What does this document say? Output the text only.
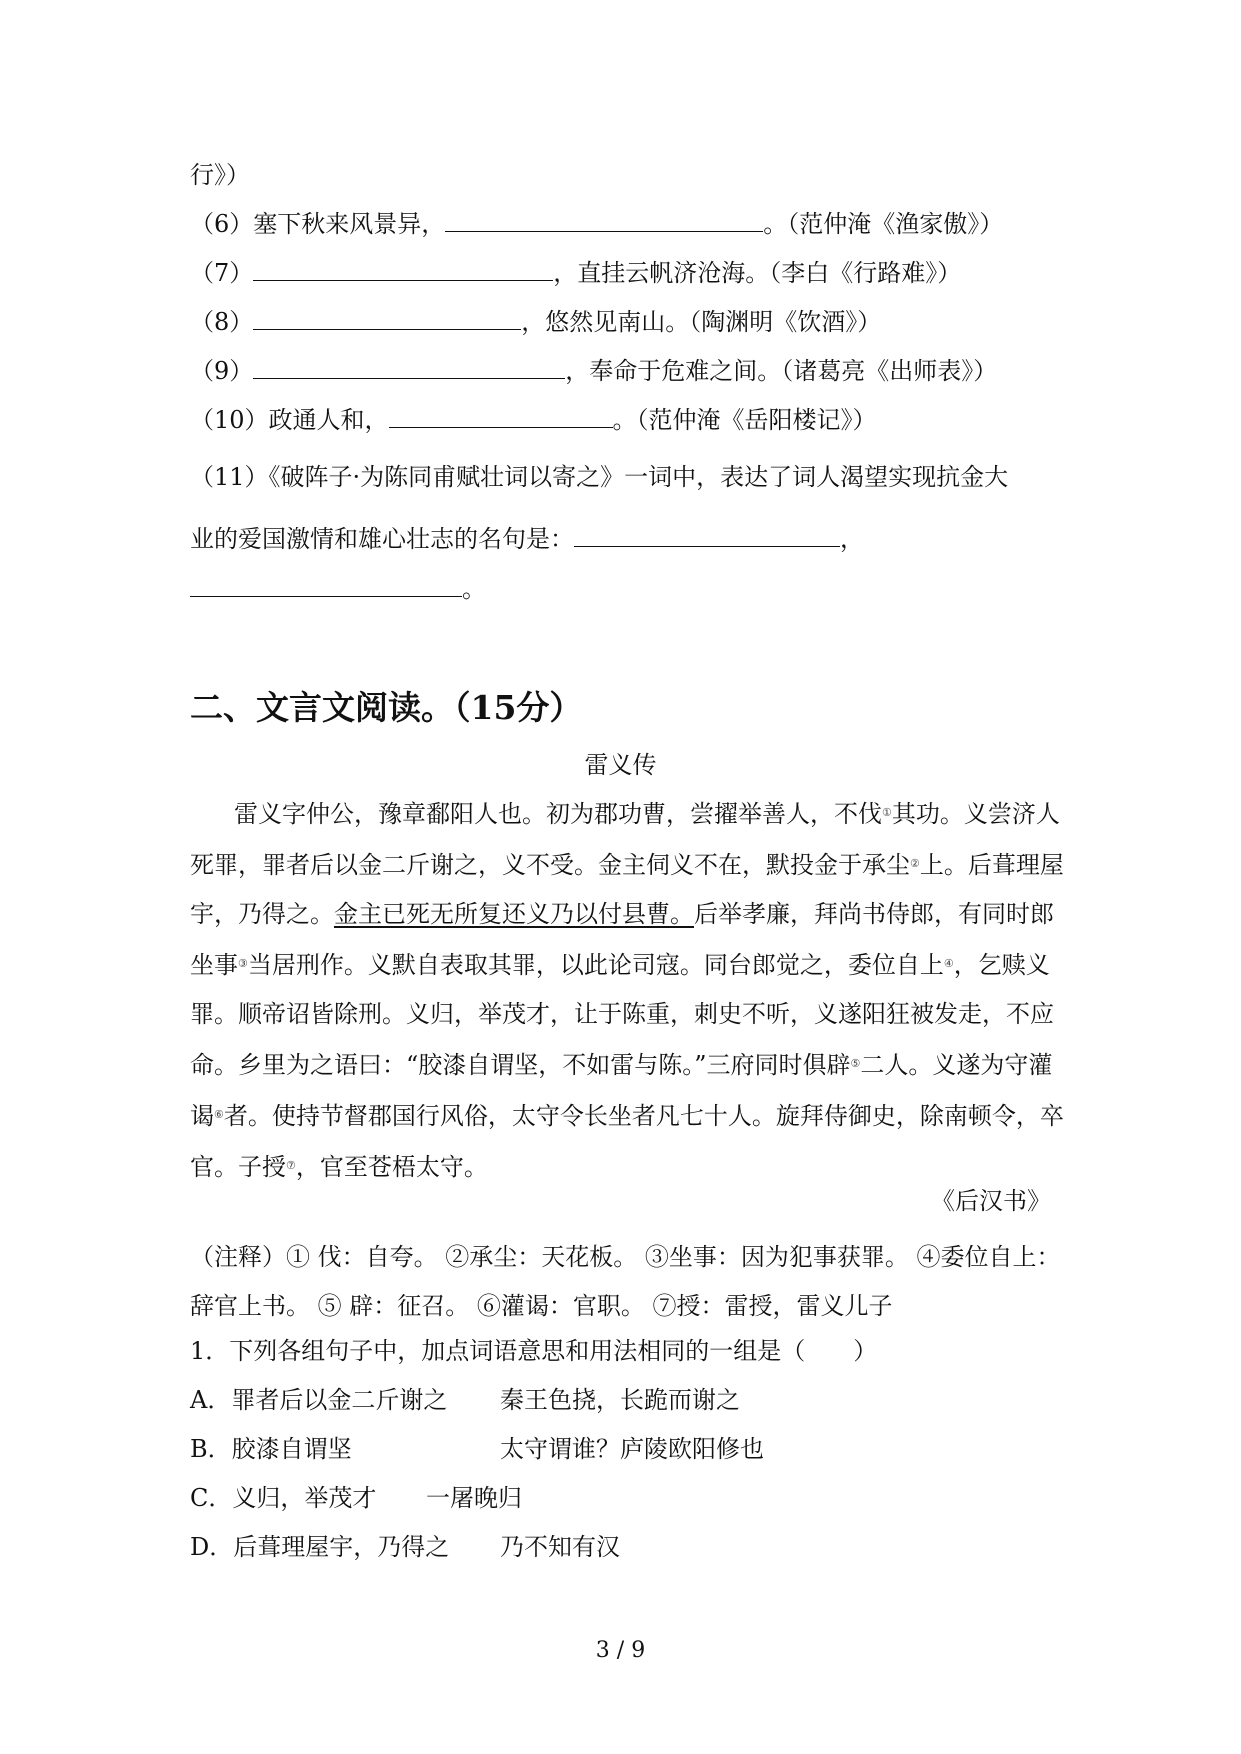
行》）
（6）塞下秋来风景异，	。（范仲淹《渔家傲》）
（7）	，直挂云帆济沧海。（李白《行路难》）
（8）	，悠然见南山。（陶渊明《饮酒》）
（9）	，奉命于危难之间。（诸葛亮《出师表》）
（10）政通人和，	。（范仲淹《岳阳楼记》）
（11）《破阵子·为陈同甫赋壮词以寄之》一词中，表达了词人渴望实现抗金大
业的爱国激情和雄心壮志的名句是：	，
。
二、文言文阅读。（15分）
雷义传
雷义字仲公，豫章鄱阳人也。初为郡功曹，尝擢举善人，不伐①其功。义尝济人死罪，罪者后以金二斤谢之，义不受。金主伺义不在，默投金于承尘②上。后葺理屋宇，乃得之。金主已死无所复还义乃以付县曹。后举孝廉，拜尚书侍郎，有同时郎坐事③当居刑作。义默自表取其罪，以此论司寇。同台郎觉之，委位自上④，乞赎义罪。顺帝诏皆除刑。义归，举茂才，让于陈重，刺史不听，义遂阳狂被发走，不应命。乡里为之语曰：“胶漆自谓坚，不如雷与陈。”三府同时俱辟⑤二人。义遂为守灌谒⑥者。使持节督郡国行风俗，太守令长坐者凡七十人。旋拜侍御史，除南顿令，卒官。子授⑦，官至苍梧太守。
《后汉书》
（注释）① 伐：自夸。 ②承尘：天花板。 ③坐事：因为犯事获罪。 ④委位自上：辞官上书。 ⑤ 辟：征召。 ⑥灌谒：官职。 ⑦授：雷授，雷义儿子
1．下列各组句子中，加点词语意思和用法相同的一组是（　　）
A．罪者后以金二斤谢之 秦王色挠，长跪而谢之
B．胶漆自谓坚	太守谓谁？庐陵欧阳修也
C．义归，举茂才 一屠晚归
D．后葺理屋宇，乃得之 乃不知有汉
3 / 9
